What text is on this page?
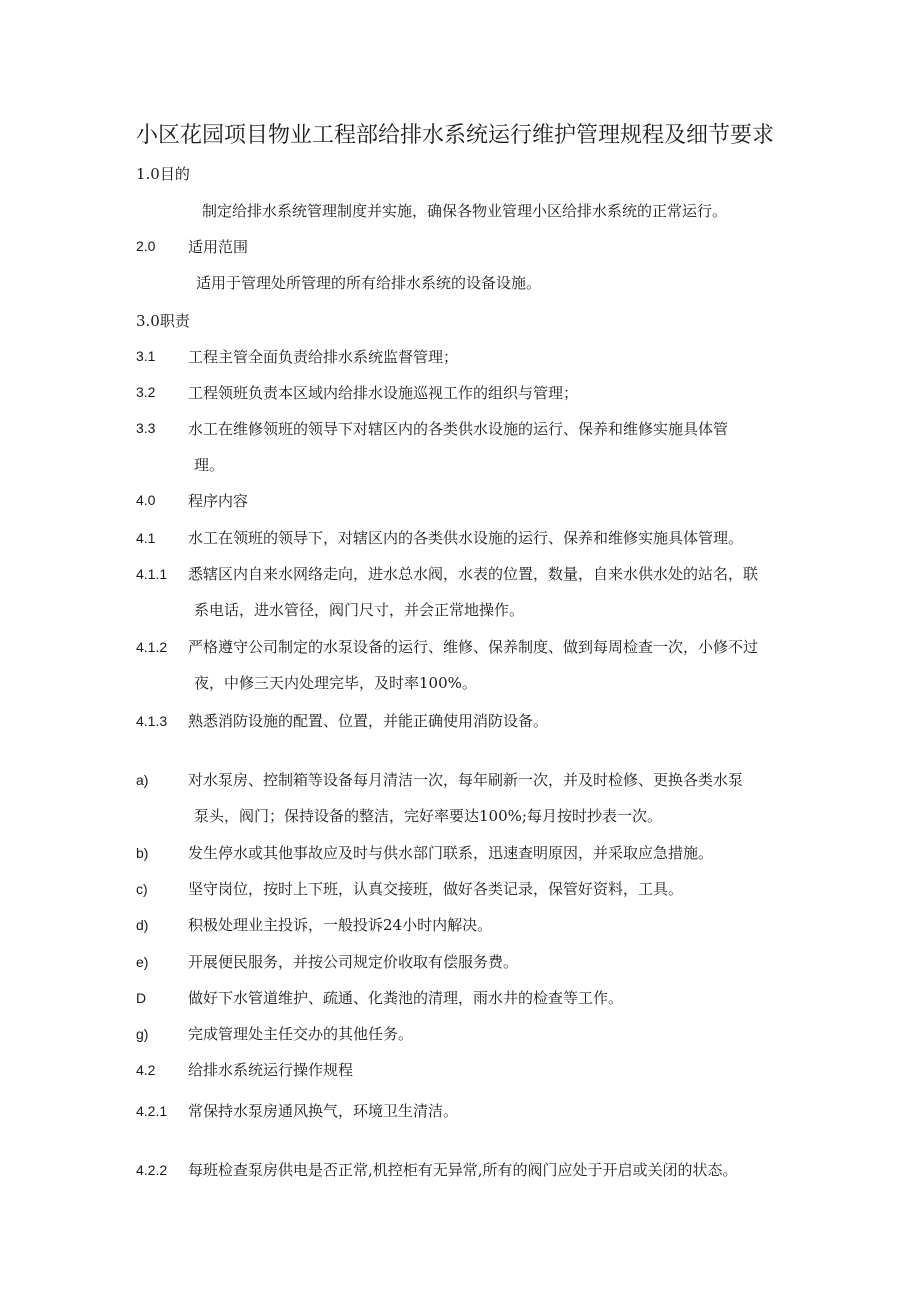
小区花园项目物业工程部给排水系统运行维护管理规程及细节要求
1.0目的
制定给排水系统管理制度并实施，确保各物业管理小区给排水系统的正常运行。
2.0 适用范围
适用于管理处所管理的所有给排水系统的设备设施。
3.0职责
3.1 工程主管全面负责给排水系统监督管理；
3.2 工程领班负责本区域内给排水设施巡视工作的组织与管理；
3.3 水工在维修领班的领导下对辖区内的各类供水设施的运行、保养和维修实施具体管
理。
4.0 程序内容
4.1 水工在领班的领导下，对辖区内的各类供水设施的运行、保养和维修实施具体管理。
4.1.1 悉辖区内自来水网络走向，进水总水阀，水表的位置，数量，自来水供水处的站名，联
系电话，进水管径，阀门尺寸，并会正常地操作。
4.1.2 严格遵守公司制定的水泵设备的运行、维修、保养制度、做到每周检查一次，小修不过
夜，中修三天内处理完毕，及时率100%。
4.1.3 熟悉消防设施的配置、位置，并能正确使用消防设备。
a)	对水泵房、控制箱等设备每月清洁一次，每年刷新一次，并及时检修、更换各类水泵
泵头，阀门；保持设备的整洁，完好率要达100%;每月按时抄表一次。
b)	发生停水或其他事故应及时与供水部门联系，迅速查明原因，并采取应急措施。
c)	坚守岗位，按时上下班，认真交接班，做好各类记录，保管好资料，工具。
d)	积极处理业主投诉，一般投诉24小时内解决。
e)	开展便民服务，并按公司规定价收取有偿服务费。
D	做好下水管道维护、疏通、化粪池的清理，雨水井的检查等工作。
g)	完成管理处主任交办的其他任务。
4.2 给排水系统运行操作规程
4.2.1 常保持水泵房通风换气，环境卫生清洁。
4.2.2 每班检查泵房供电是否正常,机控柜有无异常,所有的阀门应处于开启或关闭的状态。
